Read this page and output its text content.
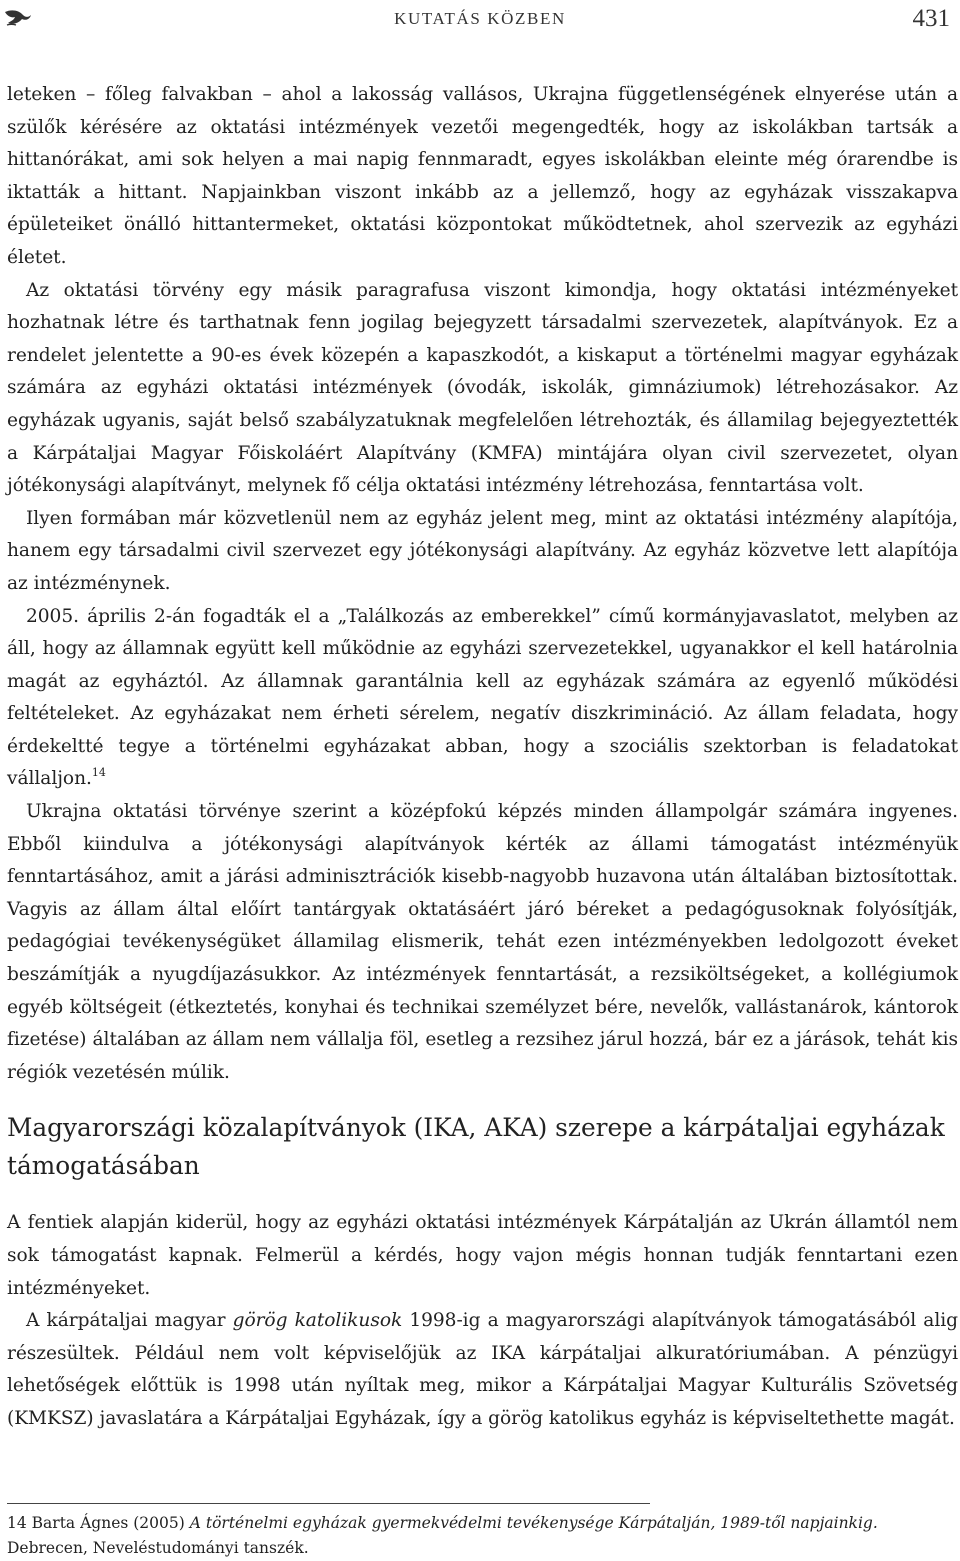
KUTATÁS KÖZBEN	431

leteken – főleg falvakban – ahol a lakosság vallásos, Ukrajna függetlenségének elnyerése után a szülők kérésére az oktatási intézmények vezetői megengedték, hogy az iskolákban tartsák a hittanórákat, ami sok helyen a mai napig fennmaradt, egyes iskolákban eleinte még órarendbe is iktatták a hittant. Napjainkban viszont inkább az a jellemző, hogy az egyházak visszakapva épületeiket önálló hittantermeket, oktatási központokat működtetnek, ahol szervezik az egyházi életet.

Az oktatási törvény egy másik paragrafusa viszont kimondja, hogy oktatási intézményeket hozhatnak létre és tarthatnak fenn jogilag bejegyzett társadalmi szervezetek, alapítványok. Ez a rendelet jelentette a 90-es évek közepén a kapaszkodót, a kiskaput a történelmi magyar egyházak számára az egyházi oktatási intézmények (óvodák, iskolák, gimnáziumok) létrehozásakor. Az egyházak ugyanis, saját belső szabályzatuknak megfelelően létrehozták, és államilag bejegyeztették a Kárpátaljai Magyar Főiskoláért Alapítvány (KMFA) mintájára olyan civil szervezetet, olyan jótékonysági alapítványt, melynek fő célja oktatási intézmény létrehozása, fenntartása volt.

Ilyen formában már közvetlenül nem az egyház jelent meg, mint az oktatási intézmény alapítója, hanem egy társadalmi civil szervezet egy jótékonysági alapítvány. Az egyház közvetve lett alapítója az intézménynek.

2005. április 2-án fogadták el a „Találkozás az emberekkel” című kormányjavaslatot, melyben az áll, hogy az államnak együtt kell működnie az egyházi szervezetekkel, ugyanakkor el kell határolnia magát az egyháztól. Az államnak garantálnia kell az egyházak számára az egyenlő működési feltételeket. Az egyházakat nem érheti sérelem, negatív diszkrimináció. Az állam feladata, hogy érdekeltté tegye a történelmi egyházakat abban, hogy a szociális szektorban is feladatokat vállaljon.$^{14}$

Ukrajna oktatási törvénye szerint a középfokú képzés minden állampolgár számára ingyenes. Ebből kiindulva a jótékonysági alapítványok kérték az állami támogatást intézményük fenntartásához, amit a járási adminisztrációk kisebb-nagyobb huzavona után általában biztosítottak. Vagyis az állam által előírt tantárgyak oktatásáért járó béreket a pedagógusoknak folyósítják, pedagógiai tevékenységüket államilag elismerik, tehát ezen intézményekben ledolgozott éveket beszámítják a nyugdíjazásukkor. Az intézmények fenntartását, a rezsiköltségeket, a kollégiumok egyéb költségeit (étkeztetés, konyhai és technikai személyzet bére, nevelők, vallástanárok, kántorok fizetése) általában az állam nem vállalja föl, esetleg a rezsihez járul hozzá, bár ez a járások, tehát kis régiók vezetésén múlik.

Magyarországi közalapítványok (IKA, AKA) szerepe a kárpátaljai egyházak támogatásában

A fentiek alapján kiderül, hogy az egyházi oktatási intézmények Kárpátalján az Ukrán államtól nem sok támogatást kapnak. Felmerül a kérdés, hogy vajon mégis honnan tudják fenntartani ezen intézményeket.

A kárpátaljai magyar görög katolikusok 1998-ig a magyarországi alapítványok támogatásából alig részesültek. Például nem volt képviselőjük az IKA kárpátaljai alkuratóriumában. A pénzügyi lehetőségek előttük is 1998 után nyíltak meg, mikor a Kárpátaljai Magyar Kulturális Szövetség (KMKSZ) javaslatára a Kárpátaljai Egyházak, így a görög katolikus egyház is képviseltethette magát.

14 Barta Ágnes (2005) A történelmi egyházak gyermekvédelmi tevékenysége Kárpátalján, 1989-től napjainkig. Debrecen, Neveléstudományi tanszék.
